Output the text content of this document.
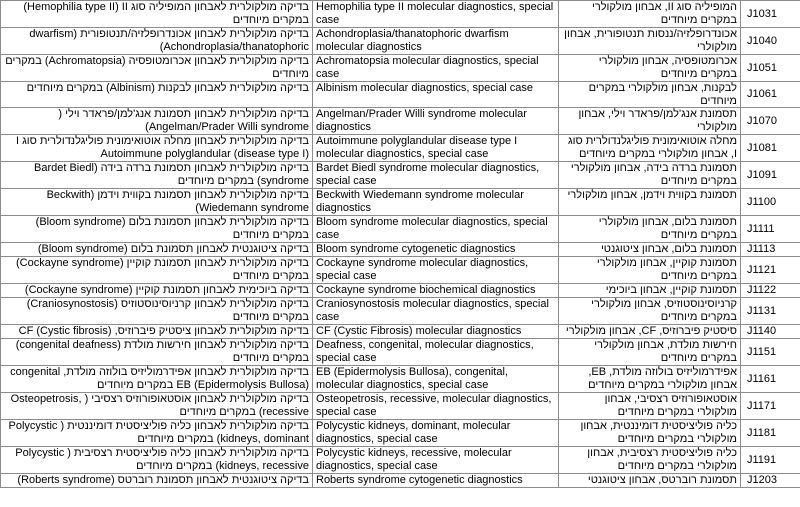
בדיקה מולקולרית לאבחון המופיליה סוג Hemophilia type II) II) במקרים מיוחדים	Hemophilia type II molecular diagnostics, special case	המופיליה סוג II, אבחון מולקולרי במקרים מיוחדים	J1031
בדיקה מולקולרית לאבחון אכונדרופלזיה/תנטופורית (dwarfism Achondroplasia/thanatophoric)	Achondroplasia/thanatophoric dwarfism molecular diagnostics	אכונדרופלזיה/ננסות תנטופורית, אבחון מולקולרי	J1040
בדיקה מולקולרית לאבחון אכרומטופסיה (Achromatopsia) במקרים מיוחדים	Achromatopsia molecular diagnostics, special case	אכרומטופסיה, אבחון מולקולרי במקרים מיוחדים	J1051
בדיקה מולקולרית לאבחון לבקנות (Albinism) במקרים מיוחדים	Albinism molecular diagnostics, special case	לבקנות, אבחון מולקולרי במקרים מיוחדים	J1061
בדיקה מולקולרית לאבחון תסמונת אנג'למן/פראדר וילי ( Angelman/Prader Willi syndrome)	Angelman/Prader Willi syndrome molecular diagnostics	תסמונת אנג'למן/פראדר וילי, אבחון מולקולרי	J1070
בדיקה מולקולרית לאבחון מחלה אוטואימונית פוליגלנדולרית סוג I Autoimmune polyglandular (disease type I)	Autoimmune polyglandular disease type I molecular diagnostics, special case	מחלה אוטואימונית פוליגלנדולרית סוג I, אבחון מולקולרי במקרים מיוחדים	J1081
בדיקה מולקולרית לאבחון תסמונת ברדה בידה (Bardet Biedl syndrome) במקרים מיוחדים	Bardet Biedl syndrome molecular diagnostics, special case	תסמונת ברדה בידה, אבחון מולקולרי במקרים מיוחדים	J1091
בדיקה מולקולרית לאבחון תסמונת בקווית וידמן (Beckwith Wiedemann syndrome)	Beckwith Wiedemann syndrome molecular diagnostics	תסמונת בקווית וידמן, אבחון מולקולרי	J1100
בדיקה מולקולרית לאבחון תסמונת בלום (Bloom syndrome) במקרים מיוחדים	Bloom syndrome molecular diagnostics, special case	תסמונת בלום, אבחון מולקולרי במקרים מיוחדים	J1111
בדיקה ציטוגנטית לאבחון תסמונת בלום (Bloom syndrome)	Bloom syndrome cytogenetic diagnostics	תסמונת בלום, אבחון ציטוגנטי	J1113
בדיקה מולקולרית לאבחון תסמונת קוקיין (Cockayne syndrome) במקרים מיוחדים	Cockayne syndrome molecular diagnostics, special case	תסמונת קוקיין, אבחון מולקולרי במקרים מיוחדים	J1121
בדיקה ביוכימית לאבחון תסמונת קוקיין (Cockayne syndrome)	Cockayne syndrome biochemical diagnostics	תסמונת קוקיין, אבחון ביוכימי	J1122
בדיקה מולקולרית לאבחון קרניוסינוסטוזיס (Craniosynostosis) במקרים מיוחדים	Craniosynostosis molecular diagnostics, special case	קרניוסינוסטוזיס, אבחון מולקולרי במקרים מיוחדים	J1131
בדיקה מולקולרית לאבחון ציסטיק פיברוזיס, CF (Cystic fibrosis)	CF (Cystic Fibrosis) molecular diagnostics	סיסטיק פיברוזיס, CF, אבחון מולקולרי	J1140
בדיקה מולקולרית לאבחון חירשות מולדת (congenital deafness) במקרים מיוחדים	Deafness, congenital, molecular diagnostics, special case	חירשות מולדת, אבחון מולקולרי במקרים מיוחדים	J1151
בדיקה מולקולרית לאבחון אפידרמוליזיס בולוזה מולדת, congenital EB (Epidermolysis Bullosa) במקרים מיוחדים	EB (Epidermolysis Bullosa), congenital, molecular diagnostics, special case	אפידרמוליזיס בולוזה מולדת, EB, אבחון מולקולרי במקרים מיוחדים	J1161
בדיקה מולקולרית לאבחון אוסטאופורוזיס רצסיבי ( Osteopetrosis, recessive) במקרים מיוחדים	Osteopetrosis, recessive, molecular diagnostics, special case	אוסטאופורוזיס רצסיבי, אבחון מולקולרי במקרים מיוחדים	J1171
בדיקה מולקולרית לאבחון כליה פוליציסטית דומיננטית ( Polycystic kidneys, dominant) במקרים מיוחדים	Polycystic kidneys, dominant, molecular diagnostics, special case	כליה פוליציסטית דומיננטית, אבחון מולקולרי במקרים מיוחדים	J1181
בדיקה מולקולרית לאבחון כליה פוליציסטית רצסיבית ( Polycystic kidneys, recessive) במקרים מיוחדים	Polycystic kidneys, recessive, molecular diagnostics, special case	כליה פוליציסטית רצסיבית, אבחון מולקולרי במקרים מיוחדים	J1191
בדיקה ציטוגנטית לאבחון תסמונת רוברטס (Roberts syndrome)	Roberts syndrome cytogenetic diagnostics	תסמונת רוברטס, אבחון ציטוגנטי	J1203
